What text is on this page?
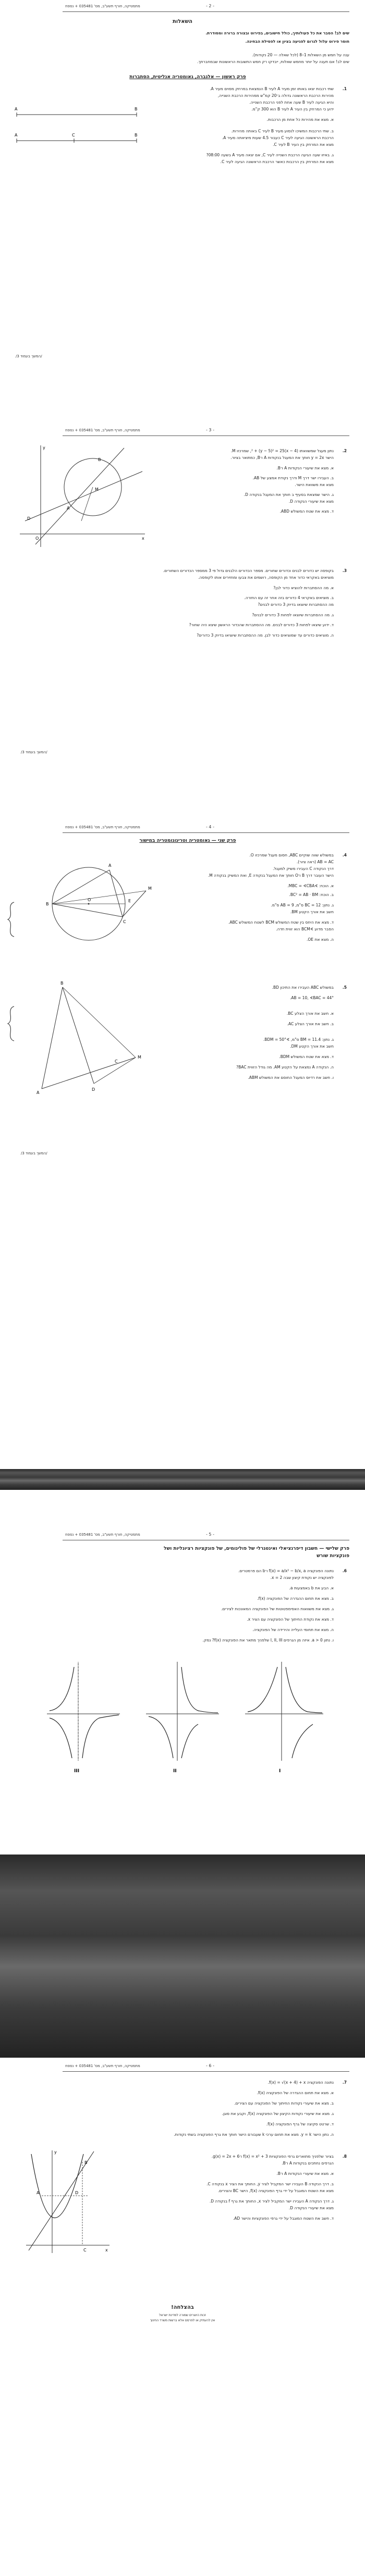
מתמטיקה, חורף תשע"ב, מס' 035481 + נספח	- 2 -
השאלות
שים לב! הסבר את כל פעולותיך, כולל חישובים, בפירוט ובצורה ברורה ומסודרת.
חוסר פירוט עלול לגרום לפגיעה בציון או לפסילת הבחינה.
ענה על חמש מן השאלות 1–8 (לכל שאלה — 20 נקודות).
שים לב! אם תענה על יותר מחמש שאלות, ייבדקו רק חמש התשובות הראשונות שבמחברתך.
פרק ראשון — אלגברה, גאומטריה אנליטית, הסתברות
1.
שתי רכבות יצאו באותו זמן מעיר A לעיר B הנמצאת במרחק מסוים מעיר A.
מהירות הרכבת הראשונה גדולה ב־20 קמ"ש ממהירות הרכבת השנייה,
והיא הגיעה לעיר B שעה אחת לפני הרכבת השנייה.
ידוע כי המרחק בין העיר A לעיר B הוא 300 ק"מ.
א. מצא את מהירות כל אחת מן הרכבות.
ב. שתי הרכבות המשיכו לנסוע מעיר B לעיר C באותה מהירות.
הרכבת הראשונה הגיעה לעיר C כעבור 4.5 שעות מיציאתה מעיר A.
מצא את המרחק בין העיר B לעיר C.
ג. באיזו שעה הגיעה הרכבת השנייה לעיר C, אם יצאה מעיר A בשעה 08:00?
מצא את המרחק בין הרכבות כאשר הרכבת הראשונה הגיעה לעיר C.
A	B
A	C	B
/המשך בעמוד 3/
מתמטיקה, חורף תשע"ב, מס' 035481 + נספח	- 3 -
2.
נתון מעגל שמשוואתו (x − 4)² + (y − 5)² = 25, שמרכזו M.
הישר y = 2x חותך את המעגל בנקודות A ו־B, כמתואר בציור.
א. מצא את שיעורי הנקודות A ו־B.
ב. העבירו ישר דרך M ודרך נקודת אמצע של AB.
מצא את משוואת הישר.
ג. הישר שמצאת בסעיף ב חותך את המעגל בנקודה D.
מצא את שיעורי הנקודה D.
ד. מצא את שטח המשולש ABD.
y
x
B
M
A
D
O
3.
בקופסה יש כדורים לבנים וכדורים שחורים. מספר הכדורים הלבנים גדול פי 3 ממספר הכדורים השחורים.
מוציאים באקראי כדור אחד מן הקופסה, רושמים את צבעו ומחזירים אותו לקופסה.
א. מה ההסתברות להוציא כדור לבן?
ב. מוציאים באקראי 4 כדורים בזה אחר זה עם החזרה.
מה ההסתברות שיוצאו בדיוק 3 כדורים לבנים?
ג. מה ההסתברות שיוצאו לפחות 3 כדורים לבנים?
ד. ידוע שיצאו לפחות 3 כדורים לבנים. מה ההסתברות שהכדור הראשון שיצא היה שחור?
ה. מוציאים כדורים עד שמוציאים כדור לבן. מה ההסתברות שיוציאו בדיוק 3 כדורים?
/המשך בעמוד 3/
מתמטיקה, חורף תשע"ב, מס' 035481 + נספח	- 4 -
פרק שני — גאומטריה וטריגונומטריה במישור
4.
במשולש שווה שוקיים ABC, חסום מעגל שמרכזו O.
AB = AC (ראה ציור).
דרך הנקודה C העבירו משיק למעגל.
הישר העובר דרך B ו־O חותך את המעגל בנקודה E, ואת המשיק בנקודה M.
א. הוכח: ∢MBC = ∢CBA.
ב. הוכח: BC² = AB · BM.
ג. נתון: BC = 12 ס"מ, AB = 9 ס"מ.
חשב את אורך הקטע BM.
ד. מצא את היחס בין שטח המשולש BCM לשטח המשולש ABC.
הסבר מדוע ∢BCM הוא זווית חדה.
ה. מצא את OE.
A
E
M
C
O
B
5.
במשולש ABC העבירו את התיכון BD.
AB = 10, ∢BAC = 44°.
א. חשב את אורך הצלע BC.
ב. חשב את אורך הצלע AC.
ג. נתון: BM = 11.4 ס"מ, ∢BDM = 50°.
חשב את אורך הקטע DM.
ד. מצא את שטח המשולש BDM.
ה. הנקודה A נמצאת על הקטע AM. מה גודל הזווית BAC?
ו. חשב את רדיוס המעגל החוסם את המשולש ABM.
B
A
D
M
C
/המשך בעמוד 3/
מתמטיקה, חורף תשע"ב, מס' 035481 + נספח	- 5 -
פרק שלישי — חשבון דיפרנציאלי ואינטגרלי של פולינומים, של פונקציות רציונליות ושל פונקציות שורש
6.
נתונה הפונקציה f(x) = a/x² − b/x, a ו־b הם פרמטרים.
לפונקציה יש נקודת קיצון שבה x = 2.
א. הבע את b באמצעות a.
ב. מצא את תחום ההגדרה של הפונקציה f(x).
ג. מצא את משוואות האסימפטוטות של הפונקציה המאונכות לצירים.
ד. מצא את נקודת החיתוך של הפונקציה עם הציר x.
ה. מצא את תחומי העלייה והירידה של הפונקציה.
ו. נתון a > 0. איזה מן הגרפים I, II, III שלפניך מתאר את הפונקציה f(x)? נמק.
III	II	I
מתמטיקה, חורף תשע"ב, מס' 035481 + נספח	- 6 -
7.
נתונה הפונקציה f(x) = √(x + 4) + x.
א. מצא את תחום ההגדרה של הפונקציה f(x).
ב. מצא את שיעורי נקודות החיתוך של הפונקציה עם הצירים.
ג. מצא את שיעורי נקודות הקיצון של הפונקציה f(x), וקבע את סוגן.
ד. שרטט סקיצה של גרף הפונקציה f(x).
ה. נתון הישר y = k. מצא את תחום ערכי k שעבורם הישר חותך את גרף הפונקציה בשתי נקודות.
8.
בציור שלפניך מתוארים גרפי הפונקציות f(x) = x² + 3 ו־g(x) = 2x + 6.
הגרפים נחתכים בנקודות A ו־B.
א. מצא את שיעורי הנקודות A ו־B.
ב. דרך הנקודה B העבירו ישר המקביל לציר y, החותך את הציר x בנקודה C.
מצא את השטח המוגבל על ידי גרף הפונקציה f(x), הישר BC והצירים.
ג. דרך הנקודה A העבירו ישר המקביל לציר x, החותך את גרף f בנקודה D.
מצא את שיעורי הנקודה D.
ד. חשב את השטח המוגבל על ידי גרפי הפונקציות והישר AD.
y
x
A
B
D
C
בהצלחה!
זכות היוצרים שמורה למדינת ישראל
אין להעתיק או לפרסם אלא ברשות משרד החינוך
